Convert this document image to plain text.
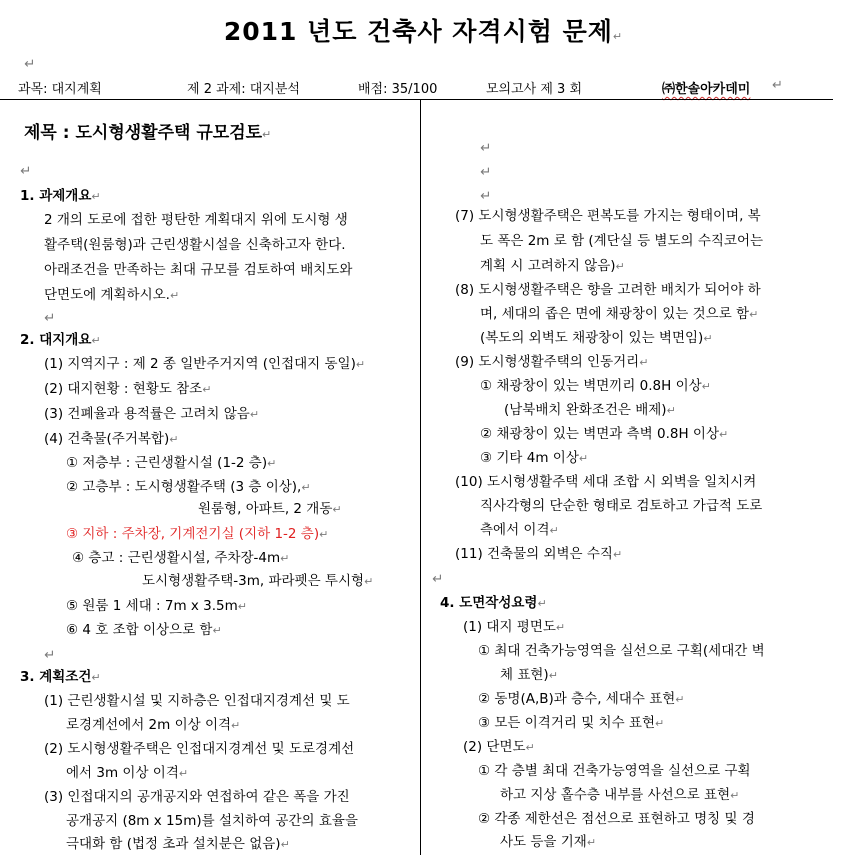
2011 년도 건축사 자격시험 문제↵
↵
과목: 대지계획	제 2 과제: 대지분석	배점: 35/100	모의고사 제 3 회	㈜한솔아카데미 ↵
제목 : 도시형생활주택 규모검토↵
↵
1. 과제개요↵
2 개의 도로에 접한 평탄한 계획대지 위에 도시형 생
활주택(원룸형)과 근린생활시설을 신축하고자 한다.
아래조건을 만족하는 최대 규모를 검토하여 배치도와
단면도에 계획하시오.↵
↵
2. 대지개요↵
(1) 지역지구 : 제 2 종 일반주거지역 (인접대지 동일)↵
(2) 대지현황 : 현황도 참조↵
(3) 건폐율과 용적률은 고려치 않음↵
(4) 건축물(주거복합)↵
① 저층부 : 근린생활시설 (1-2 층)↵
② 고층부 : 도시형생활주택 (3 층 이상),↵
원룸형, 아파트, 2 개동↵
③ 지하 : 주차장, 기계전기실 (지하 1-2 층)↵
④ 층고 : 근린생활시설, 주차장-4m↵
도시형생활주택-3m, 파라펫은 투시형↵
⑤ 원룸 1 세대 : 7m x 3.5m↵
⑥ 4 호 조합 이상으로 함↵
↵
3. 계획조건↵
(1) 근린생활시설 및 지하층은 인접대지경계선 및 도
로경계선에서 2m 이상 이격↵
(2) 도시형생활주택은 인접대지경계선 및 도로경계선
에서 3m 이상 이격↵
(3) 인접대지의 공개공지와 연접하여 같은 폭을 가진
공개공지 (8m x 15m)를 설치하여 공간의 효율을
극대화 함 (법정 초과 설치분은 없음)↵
↵
↵
↵
(7) 도시형생활주택은 편복도를 가지는 형태이며, 복
도 폭은 2m 로 함 (계단실 등 별도의 수직코어는
계획 시 고려하지 않음)↵
(8) 도시형생활주택은 향을 고려한 배치가 되어야 하
며, 세대의 좁은 면에 채광창이 있는 것으로 함↵
(복도의 외벽도 채광창이 있는 벽면임)↵
(9) 도시형생활주택의 인동거리↵
① 채광창이 있는 벽면끼리 0.8H 이상↵
(남북배치 완화조건은 배제)↵
② 채광창이 있는 벽면과 측벽 0.8H 이상↵
③ 기타 4m 이상↵
(10) 도시형생활주택 세대 조합 시 외벽을 일치시켜
직사각형의 단순한 형태로 검토하고 가급적 도로
측에서 이격↵
(11) 건축물의 외벽은 수직↵
↵
4. 도면작성요령↵
(1) 대지 평면도↵
① 최대 건축가능영역을 실선으로 구획(세대간 벽
체 표현)↵
② 동명(A,B)과 층수, 세대수 표현↵
③ 모든 이격거리 및 치수 표현↵
(2) 단면도↵
① 각 층별 최대 건축가능영역을 실선으로 구획
하고 지상 홀수층 내부를 사선으로 표현↵
② 각종 제한선은 점선으로 표현하고 명칭 및 경
사도 등을 기재↵
